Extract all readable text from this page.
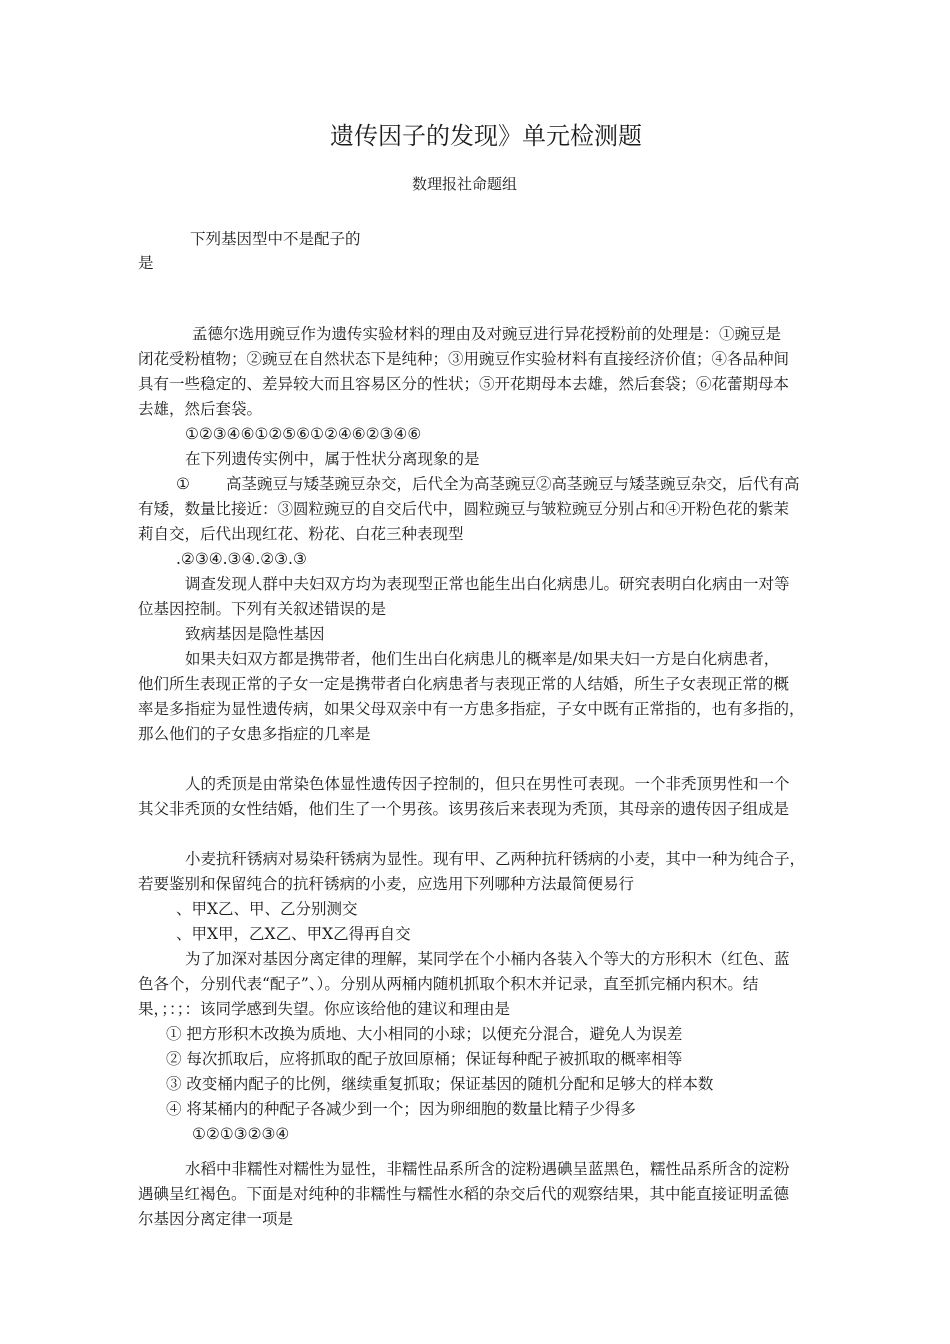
遗传因子的发现》单元检测题
数理报社命题组
下列基因型中不是配子的
是
孟德尔选用豌豆作为遗传实验材料的理由及对豌豆进行异花授粉前的处理是：①豌豆是
闭花受粉植物；②豌豆在自然状态下是纯种；③用豌豆作实验材料有直接经济价值；④各品种间
具有一些稳定的、差异较大而且容易区分的性状；⑤开花期母本去雄，然后套袋；⑥花蕾期母本
去雄，然后套袋。
①②③④⑥①②⑤⑥①②④⑥②③④⑥
在下列遗传实例中，属于性状分离现象的是
① 高茎豌豆与矮茎豌豆杂交，后代全为高茎豌豆②高茎豌豆与矮茎豌豆杂交，后代有高
有矮，数量比接近：③圆粒豌豆的自交后代中，圆粒豌豆与皱粒豌豆分别占和④开粉色花的紫茉
莉自交，后代出现红花、粉花、白花三种表现型
.②③④.③④.②③.③
调查发现人群中夫妇双方均为表现型正常也能生出白化病患儿。研究表明白化病由一对等
位基因控制。下列有关叙述错误的是
致病基因是隐性基因
如果夫妇双方都是携带者，他们生出白化病患儿的概率是/如果夫妇一方是白化病患者，
他们所生表现正常的子女一定是携带者白化病患者与表现正常的人结婚，所生子女表现正常的概
率是多指症为显性遗传病，如果父母双亲中有一方患多指症，子女中既有正常指的，也有多指的，
那么他们的子女患多指症的几率是
人的秃顶是由常染色体显性遗传因子控制的，但只在男性可表现。一个非秃顶男性和一个
其父非秃顶的女性结婚，他们生了一个男孩。该男孩后来表现为秃顶，其母亲的遗传因子组成是
小麦抗秆锈病对易染秆锈病为显性。现有甲、乙两种抗秆锈病的小麦，其中一种为纯合子，
若要鉴别和保留纯合的抗秆锈病的小麦，应选用下列哪种方法最简便易行
、甲Ⅹ乙、甲、乙分别测交
、甲Ⅹ甲，乙Ⅹ乙、甲Ⅹ乙得再自交
为了加深对基因分离定律的理解，某同学在个小桶内各装入个等大的方形积木（红色、蓝
色各个，分别代表“配子”、）。分别从两桶内随机抓取个积木并记录，直至抓完桶内积木。结
果，；：；：该同学感到失望。你应该给他的建议和理由是
① 把方形积木改换为质地、大小相同的小球；以便充分混合，避免人为误差
② 每次抓取后，应将抓取的配子放回原桶；保证每种配子被抓取的概率相等
③ 改变桶内配子的比例，继续重复抓取；保证基因的随机分配和足够大的样本数
④ 将某桶内的种配子各减少到一个；因为卵细胞的数量比精子少得多
①②①③②③④
水稻中非糯性对糯性为显性，非糯性品系所含的淀粉遇碘呈蓝黑色，糯性品系所含的淀粉
遇碘呈红褐色。下面是对纯种的非糯性与糯性水稻的杂交后代的观察结果，其中能直接证明孟德
尔基因分离定律一项是
